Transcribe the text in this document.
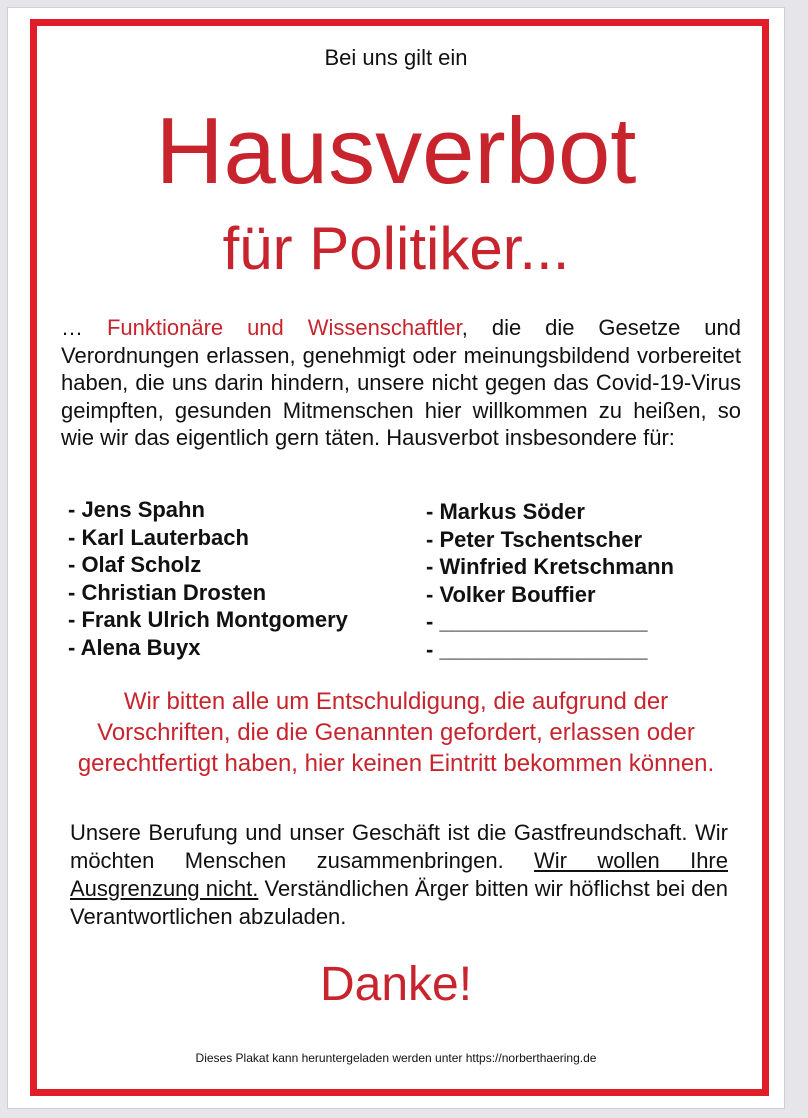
Bei uns gilt ein

Hausverbot
für Politiker...

… Funktionäre und Wissenschaftler, die die Gesetze und Verordnungen erlassen, genehmigt oder meinungsbildend vorbereitet haben, die uns darin hindern, unsere nicht gegen das Covid-19-Virus geimpften, gesunden Mitmenschen hier willkommen zu heißen, so wie wir das eigentlich gern täten. Hausverbot insbesondere für:

- Jens Spahn
- Karl Lauterbach
- Olaf Scholz
- Christian Drosten
- Frank Ulrich Montgomery
- Alena Buyx
- Markus Söder
- Peter Tschentscher
- Winfried Kretschmann
- Volker Bouffier
- _________________
- _________________

Wir bitten alle um Entschuldigung, die aufgrund der Vorschriften, die die Genannten gefordert, erlassen oder gerechtfertigt haben, hier keinen Eintritt bekommen können.

Unsere Berufung und unser Geschäft ist die Gastfreundschaft. Wir möchten Menschen zusammenbringen. Wir wollen Ihre Ausgrenzung nicht. Verständlichen Ärger bitten wir höflichst bei den Verantwortlichen abzuladen.

Danke!

Dieses Plakat kann heruntergeladen werden unter https://norberthaering.de
